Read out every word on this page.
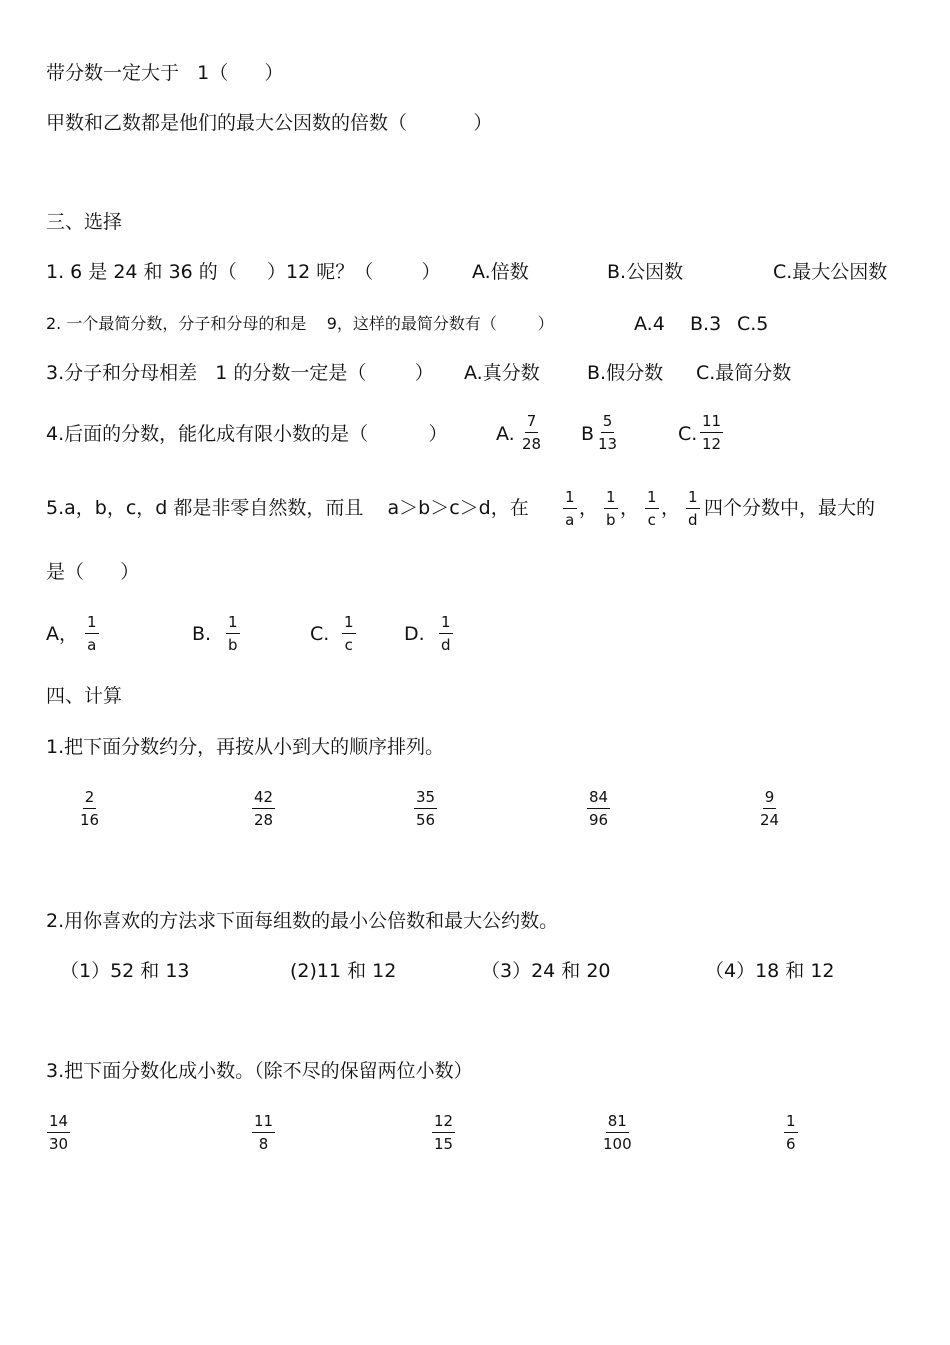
带分数一定大于   1（      ）
甲数和乙数都是他们的最大公因数的倍数（           ）
三、选择
1. 6 是 24 和 36 的（     ）12 呢？（        ） A.倍数	B.公因数	C.最大公因数
2. 一个最简分数，分子和分母的和是    9，这样的最简分数有（        ）	A.4 B.3 C.5
3.分子和分母相差   1 的分数一定是（        ） A.真分数 B.假分数 C.最简分数
4.后面的分数，能化成有限小数的是（          ）	A. $\frac{7}{28}$ B $\frac{5}{13}$	C. $\frac{11}{12}$
5.a，b，c，d 都是非零自然数，而且    a＞b＞c＞d，在 $\frac{1}{a}$ ， $\frac{1}{b}$ ， $\frac{1}{c}$ ， $\frac{1}{d}$ 四个分数中，最大的
是（      ）
A， $\frac{1}{a}$	B. $\frac{1}{b}$	C. $\frac{1}{c}$	D. $\frac{1}{d}$
四、计算
1.把下面分数约分，再按从小到大的顺序排列。
$\frac{2}{16}$	$\frac{42}{28}$	$\frac{35}{56}$	$\frac{84}{96}$	$\frac{9}{24}$
2.用你喜欢的方法求下面每组数的最小公倍数和最大公约数。
（1）52 和 13	(2)11 和 12	（3）24 和 20	（4）18 和 12
3.把下面分数化成小数。（除不尽的保留两位小数）
$\frac{14}{30}$	$\frac{11}{8}$	$\frac{12}{15}$	$\frac{81}{100}$	$\frac{1}{6}$
